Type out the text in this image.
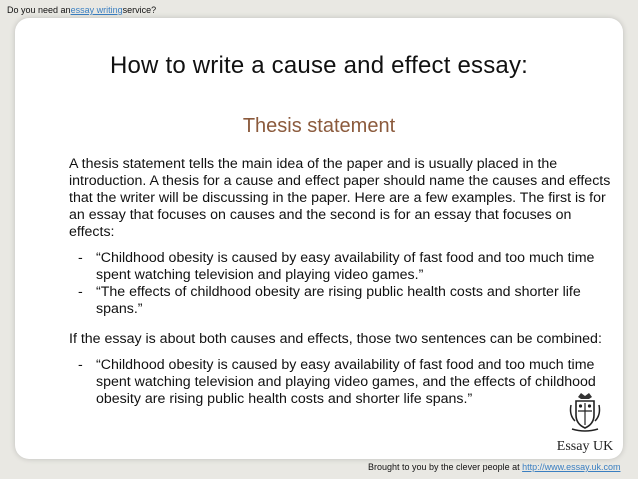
Do you need anessay writingservice?
How to write a cause and effect essay:
Thesis statement

A thesis statement tells the main idea of the paper and is usually placed in the introduction. A thesis for a cause and effect paper should name the causes and effects that the writer will be discussing in the paper. Here are a few examples. The first is for an essay that focuses on causes and the second is for an essay that focuses on effects:

- “Childhood obesity is caused by easy availability of fast food and too much time spent watching television and playing video games.”

- “The effects of childhood obesity are rising public health costs and shorter life spans.”

If the essay is about both causes and effects, those two sentences can be combined:

- “Childhood obesity is caused by easy availability of fast food and too much time spent watching television and playing video games, and the effects of childhood obesity are rising public health costs and shorter life spans.”

Essay UK
Brought to you by the clever people at http://www.essay.uk.com
